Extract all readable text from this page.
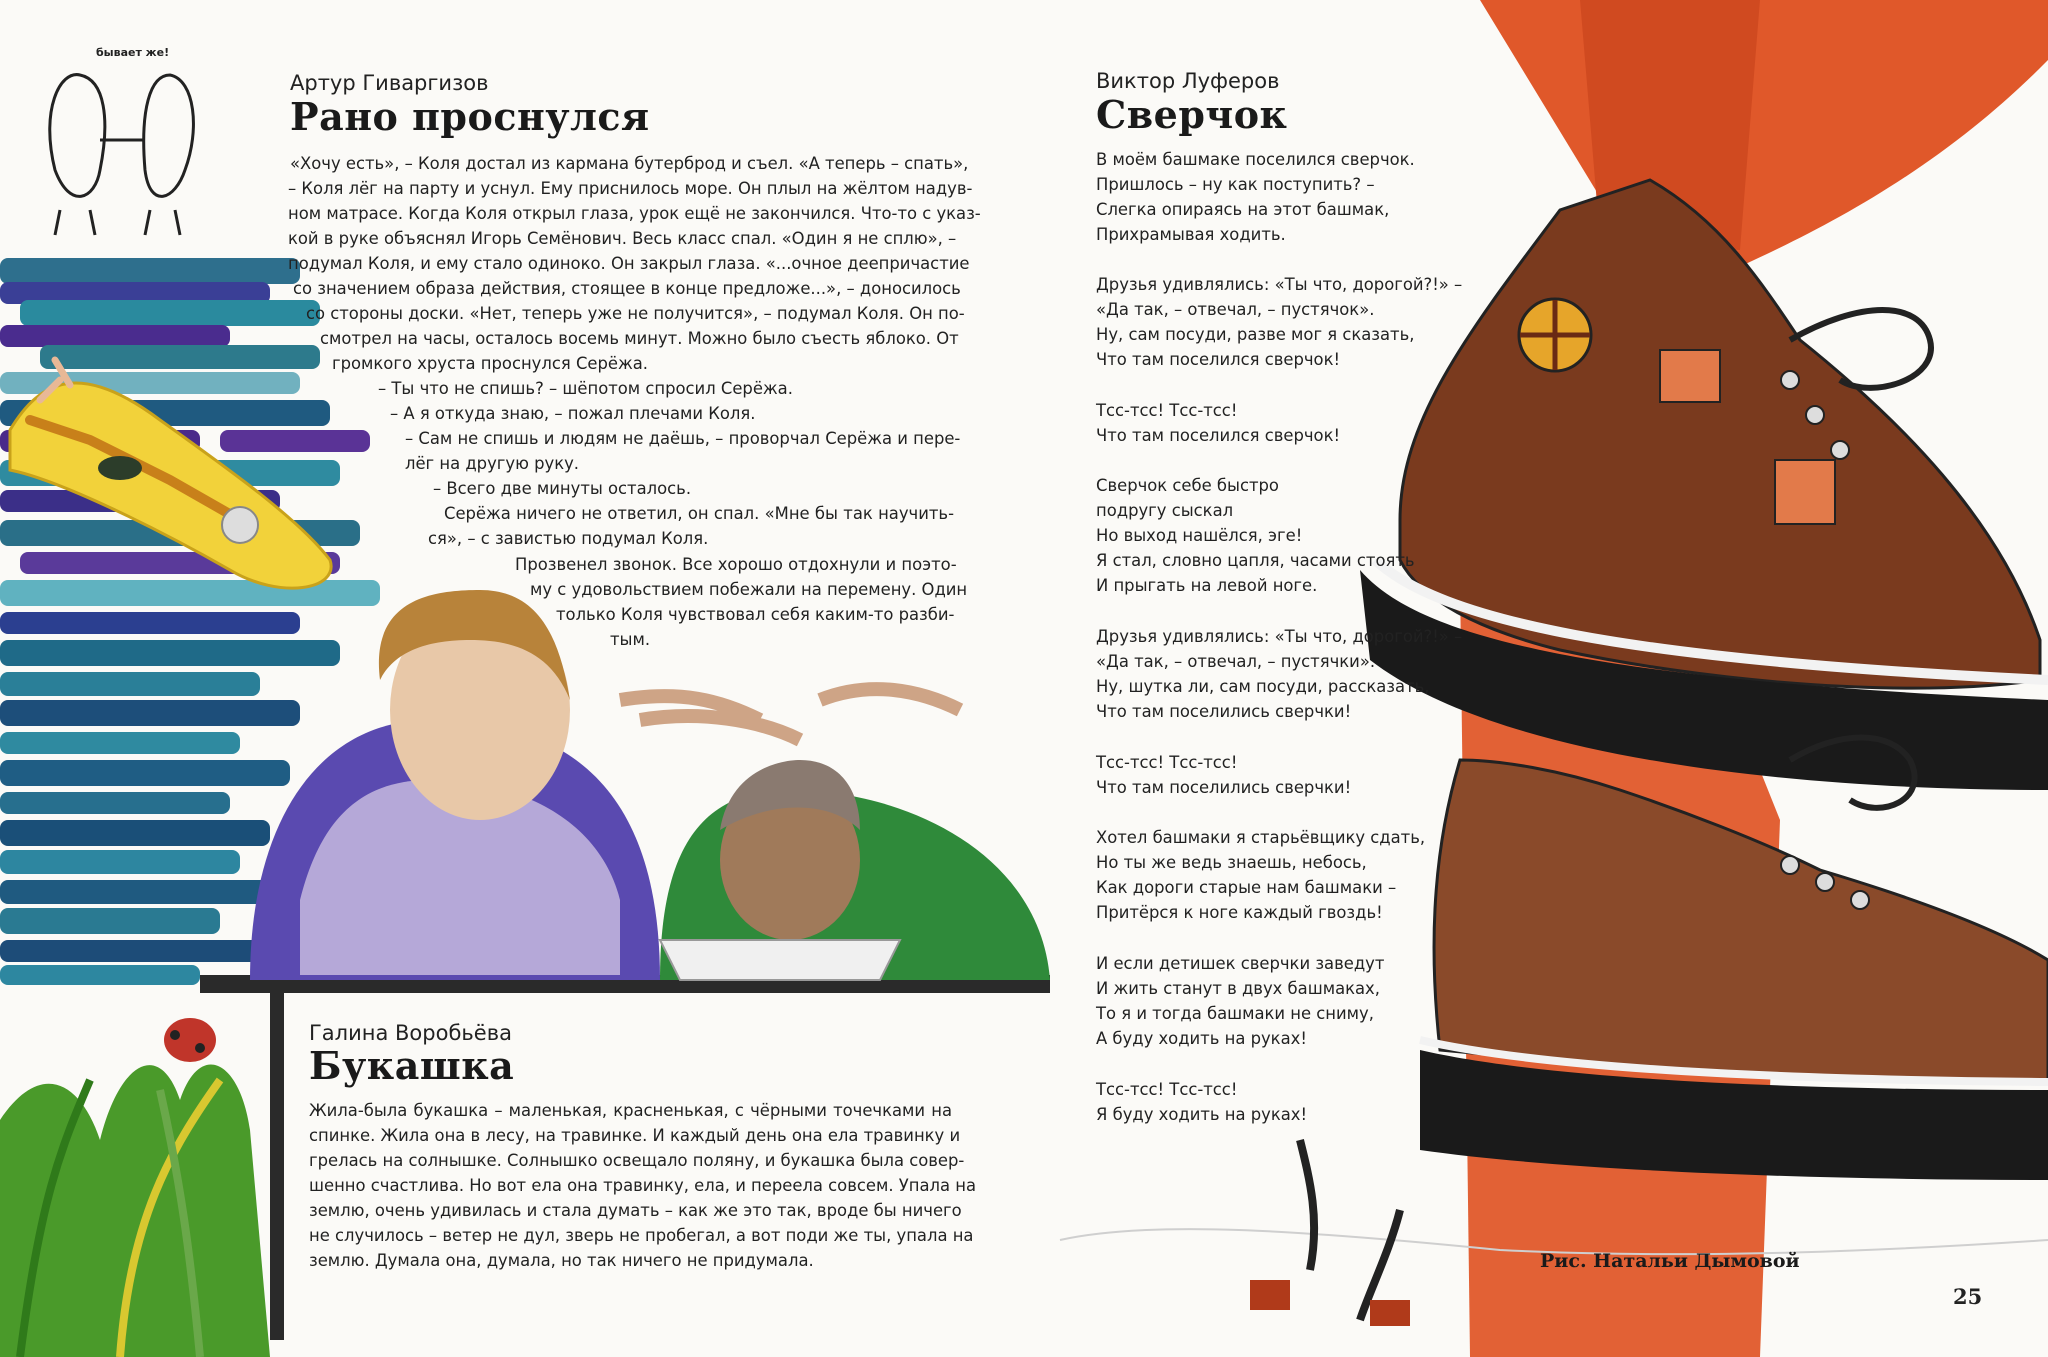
бывает же!
Артур Гиваргизов
Рано проснулся
«Хочу есть», – Коля достал из кармана бутерброд и съел. «А теперь – спать»,
– Коля лёг на парту и уснул. Ему приснилось море. Он плыл на жёлтом надув-
ном матрасе. Когда Коля открыл глаза, урок ещё не закончился. Что-то с указ-
кой в руке объяснял Игорь Семёнович. Весь класс спал. «Один я не сплю», –
подумал Коля, и ему стало одиноко. Он закрыл глаза. «...очное деепричастие
со значением образа действия, стоящее в конце предложе...», – доносилось
со стороны доски. «Нет, теперь уже не получится», – подумал Коля. Он по-
смотрел на часы, осталось восемь минут. Можно было съесть яблоко. От
громкого хруста проснулся Серёжа.
– Ты что не спишь? – шёпотом спросил Серёжа.
– А я откуда знаю, – пожал плечами Коля.
– Сам не спишь и людям не даёшь, – проворчал Серёжа и пере-
лёг на другую руку.
– Всего две минуты осталось.
Серёжа ничего не ответил, он спал. «Мне бы так научить-
ся», – с завистью подумал Коля.
Прозвенел звонок. Все хорошо отдохнули и поэто-
му с удовольствием побежали на перемену. Один
только Коля чувствовал себя каким-то разби-
тым.
Галина Воробьёва
Букашка
Жила-была букашка – маленькая, красненькая, с чёрными точечками на
спинке. Жила она в лесу, на травинке. И каждый день она ела травинку и
грелась на солнышке. Солнышко освещало поляну, и букашка была совер-
шенно счастлива. Но вот ела она травинку, ела, и переела совсем. Упала на
землю, очень удивилась и стала думать – как же это так, вроде бы ничего
не случилось – ветер не дул, зверь не пробегал, а вот поди же ты, упала на
землю. Думала она, думала, но так ничего не придумала.
Виктор Луферов
Сверчок
В моём башмаке поселился сверчок.
Пришлось – ну как поступить? –
Слегка опираясь на этот башмак,
Прихрамывая ходить.
Друзья удивлялись: «Ты что, дорогой?!» –
«Да так, – отвечал, – пустячок».
Ну, сам посуди, разве мог я сказать,
Что там поселился сверчок!
Тсс-тсс! Тсс-тсс!
Что там поселился сверчок!
Сверчок себе быстро
подругу сыскал
Но выход нашёлся, эге!
Я стал, словно цапля, часами стоять
И прыгать на левой ноге.
Друзья удивлялись: «Ты что, дорогой?!» –
«Да так, – отвечал, – пустячки».
Ну, шутка ли, сам посуди, рассказать,
Что там поселились сверчки!
Тсс-тсс! Тсс-тсс!
Что там поселились сверчки!
Хотел башмаки я старьёвщику сдать,
Но ты же ведь знаешь, небось,
Как дороги старые нам башмаки –
Притёрся к ноге каждый гвоздь!
И если детишек сверчки заведут
И жить станут в двух башмаках,
То я и тогда башмаки не сниму,
А буду ходить на руках!
Тсс-тсс! Тсс-тсс!
Я буду ходить на руках!
Рис. Натальи Дымовой
25
